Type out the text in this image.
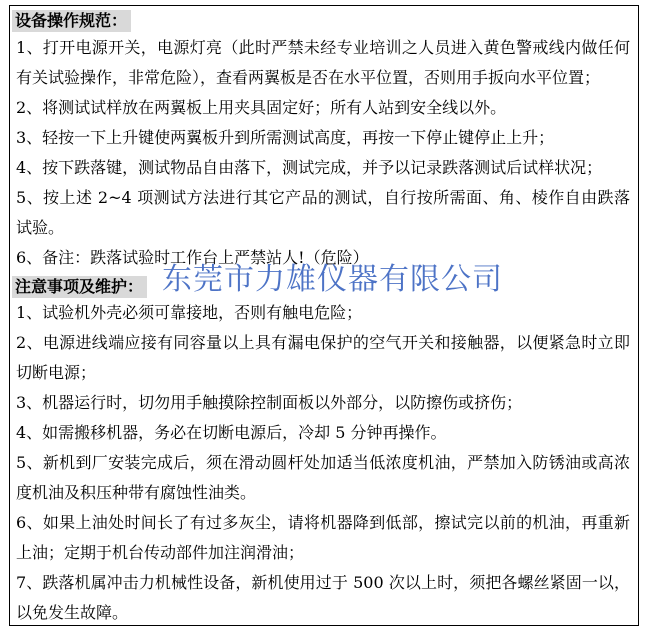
设备操作规范：

1、打开电源开关，电源灯亮（此时严禁未经专业培训之人员进入黄色警戒线内做任何有关试验操作，非常危险），查看两翼板是否在水平位置，否则用手扳向水平位置；

2、将测试试样放在两翼板上用夹具固定好；所有人站到安全线以外。

3、轻按一下上升键使两翼板升到所需测试高度，再按一下停止键停止上升；

4、按下跌落键，测试物品自由落下，测试完成，并予以记录跌落测试后试样状况；

5、按上述 2~4 项测试方法进行其它产品的测试，自行按所需面、角、棱作自由跌落试验。

6、备注：跌落试验时工作台上严禁站人!（危险）

注意事项及维护： 东莞市力雄仪器有限公司

1、试验机外壳必须可靠接地，否则有触电危险；

2、电源进线端应接有同容量以上具有漏电保护的空气开关和接触器，以便紧急时立即切断电源；

3、机器运行时，切勿用手触摸除控制面板以外部分，以防擦伤或挤伤；

4、如需搬移机器，务必在切断电源后，冷却 5 分钟再操作。

5、新机到厂安装完成后，须在滑动圆杆处加适当低浓度机油，严禁加入防锈油或高浓度机油及积压种带有腐蚀性油类。

6、如果上油处时间长了有过多灰尘，请将机器降到低部，擦试完以前的机油，再重新上油；定期于机台传动部件加注润滑油；

7、跌落机属冲击力机械性设备，新机使用过于 500 次以上时，须把各螺丝紧固一以，以免发生故障。
